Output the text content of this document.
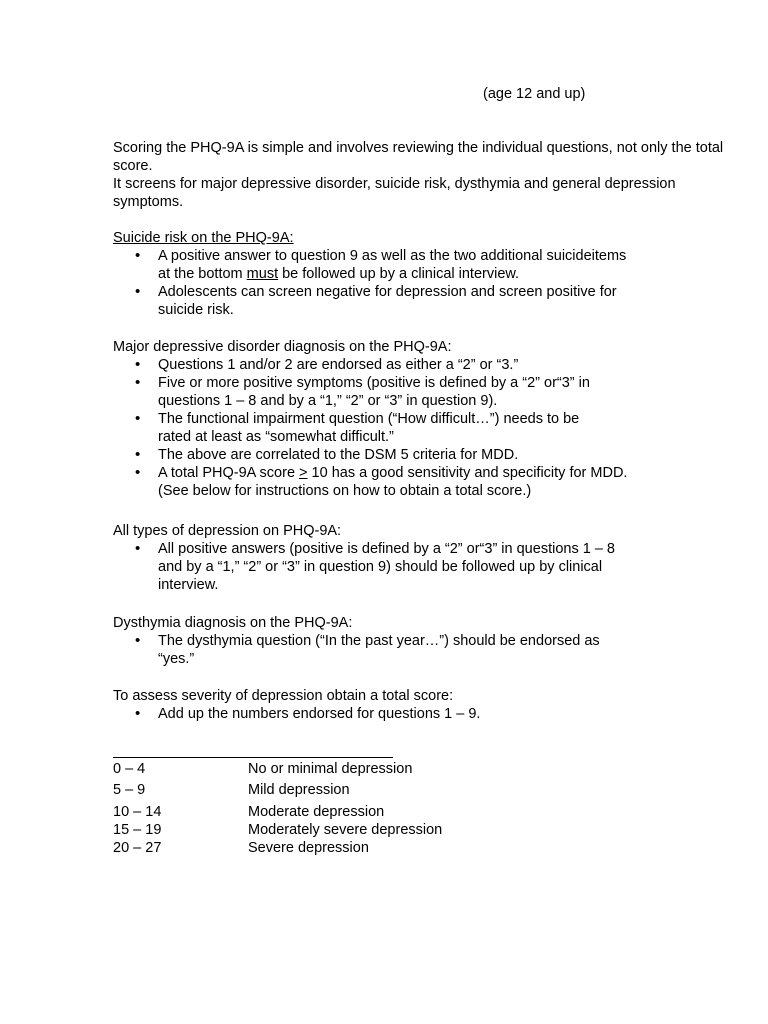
(age 12 and up)

Scoring the PHQ-9A is simple and involves reviewing the individual questions, not only the total score.

It screens for major depressive disorder, suicide risk, dysthymia and general depression symptoms.

Suicide risk on the PHQ-9A:

• A positive answer to question 9 as well as the two additional suicideitems at the bottom must be followed up by a clinical interview.
• Adolescents can screen negative for depression and screen positive for suicide risk.

Major depressive disorder diagnosis on the PHQ-9A:

• Questions 1 and/or 2 are endorsed as either a “2” or “3.”
• Five or more positive symptoms (positive is defined by a “2” or“3” in questions 1 – 8 and by a “1,” “2” or “3” in question 9).
• The functional impairment question (“How difficult…”) needs to be rated at least as “somewhat difficult.”
• The above are correlated to the DSM 5 criteria for MDD.
• A total PHQ-9A score ≥ 10 has a good sensitivity and specificity for MDD. (See below for instructions on how to obtain a total score.)

All types of depression on PHQ-9A:

• All positive answers (positive is defined by a “2” or“3” in questions 1 – 8 and by a “1,” “2” or “3” in question 9) should be followed up by clinical interview.

Dysthymia diagnosis on the PHQ-9A:

• The dysthymia question (“In the past year…”) should be endorsed as “yes.”

To assess severity of depression obtain a total score:

• Add up the numbers endorsed for questions 1 – 9.
0 – 4	No or minimal depression
5 – 9	Mild depression
10 – 14	Moderate depression
15 – 19	Moderately severe depression
20 – 27	Severe depression
